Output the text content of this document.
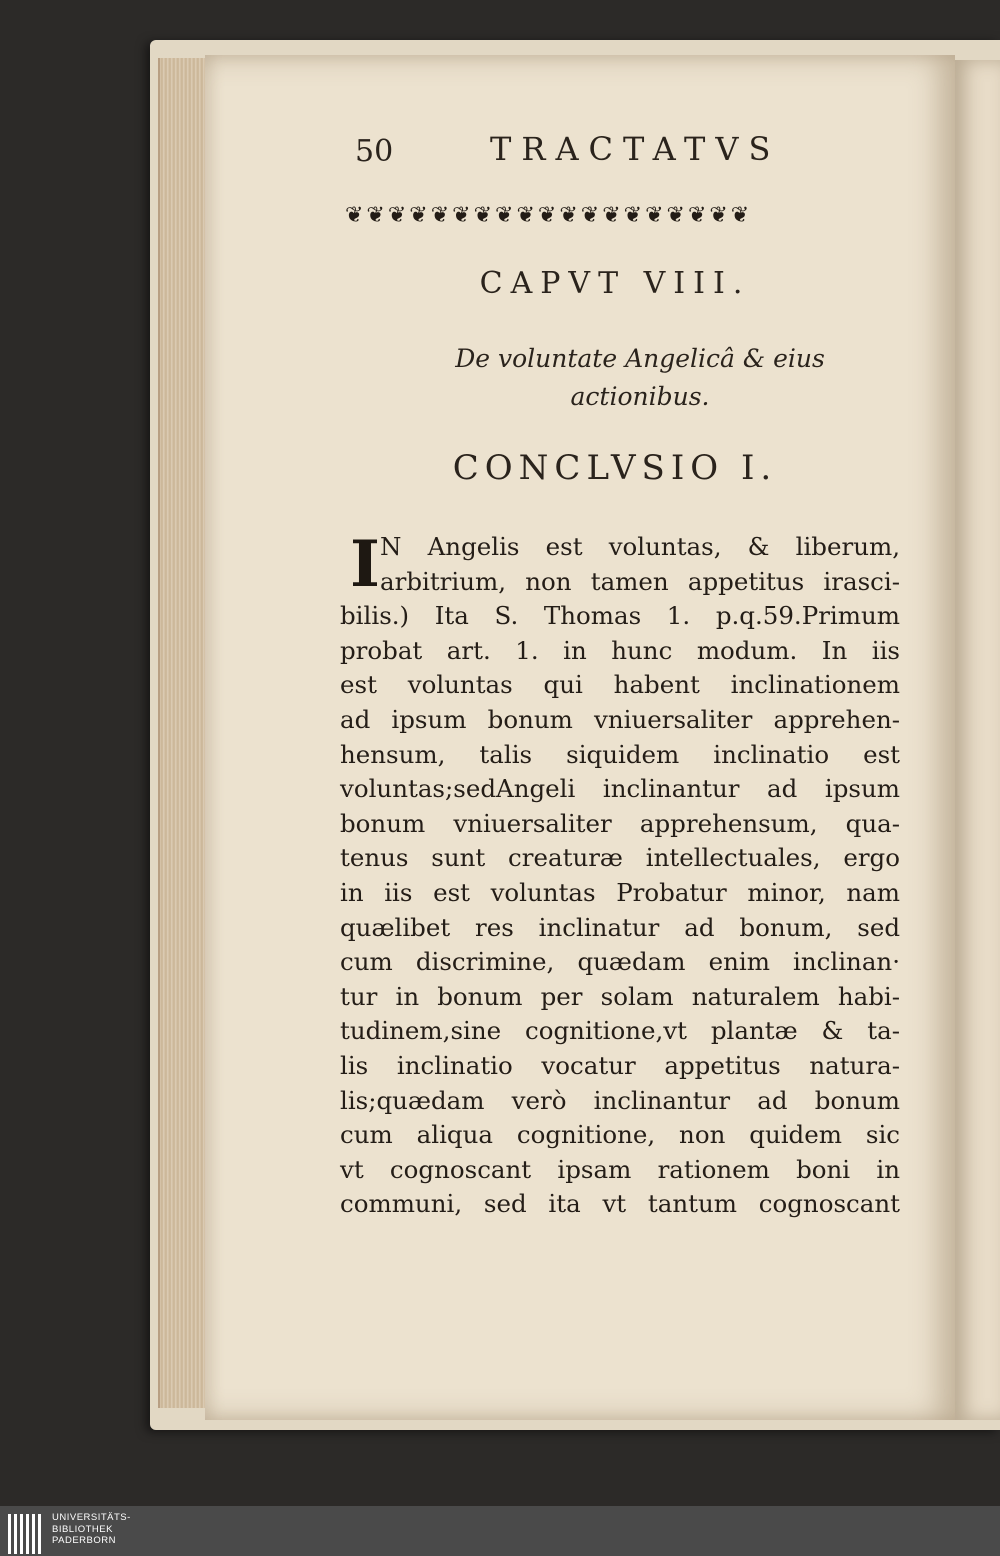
50	TRACTATVS
❦❦❦❦❦❦❦❦❦❦❦❦❦❦❦❦❦❦❦
CAPVT VIII.
De voluntate Angelicâ & eius
actionibus.
CONCLVSIO I.
I N Angelis est voluntas, & liberum,
arbitrium, non tamen appetitus irasci-
bilis.) Ita S. Thomas 1. p.q.59.Primum
probat art. 1. in hunc modum. In iis
est voluntas qui habent inclinationem
ad ipsum bonum vniuersaliter apprehen-
hensum, talis siquidem inclinatio est
voluntas;sedAngeli inclinantur ad ipsum
bonum vniuersaliter apprehensum, qua-
tenus sunt creaturæ intellectuales, ergo
in iis est voluntas Probatur minor, nam
quælibet res inclinatur ad bonum, sed
cum discrimine, quædam enim inclinan·
tur in bonum per solam naturalem habi-
tudinem,sine cognitione,vt plantæ & ta-
lis inclinatio vocatur appetitus natura-
lis;quædam verò inclinantur ad bonum
cum aliqua cognitione, non quidem sic
vt cognoscant ipsam rationem boni in
communi, sed ita vt tantum cognoscant
UNIVERSITÄTS-
BIBLIOTHEK
PADERBORN
